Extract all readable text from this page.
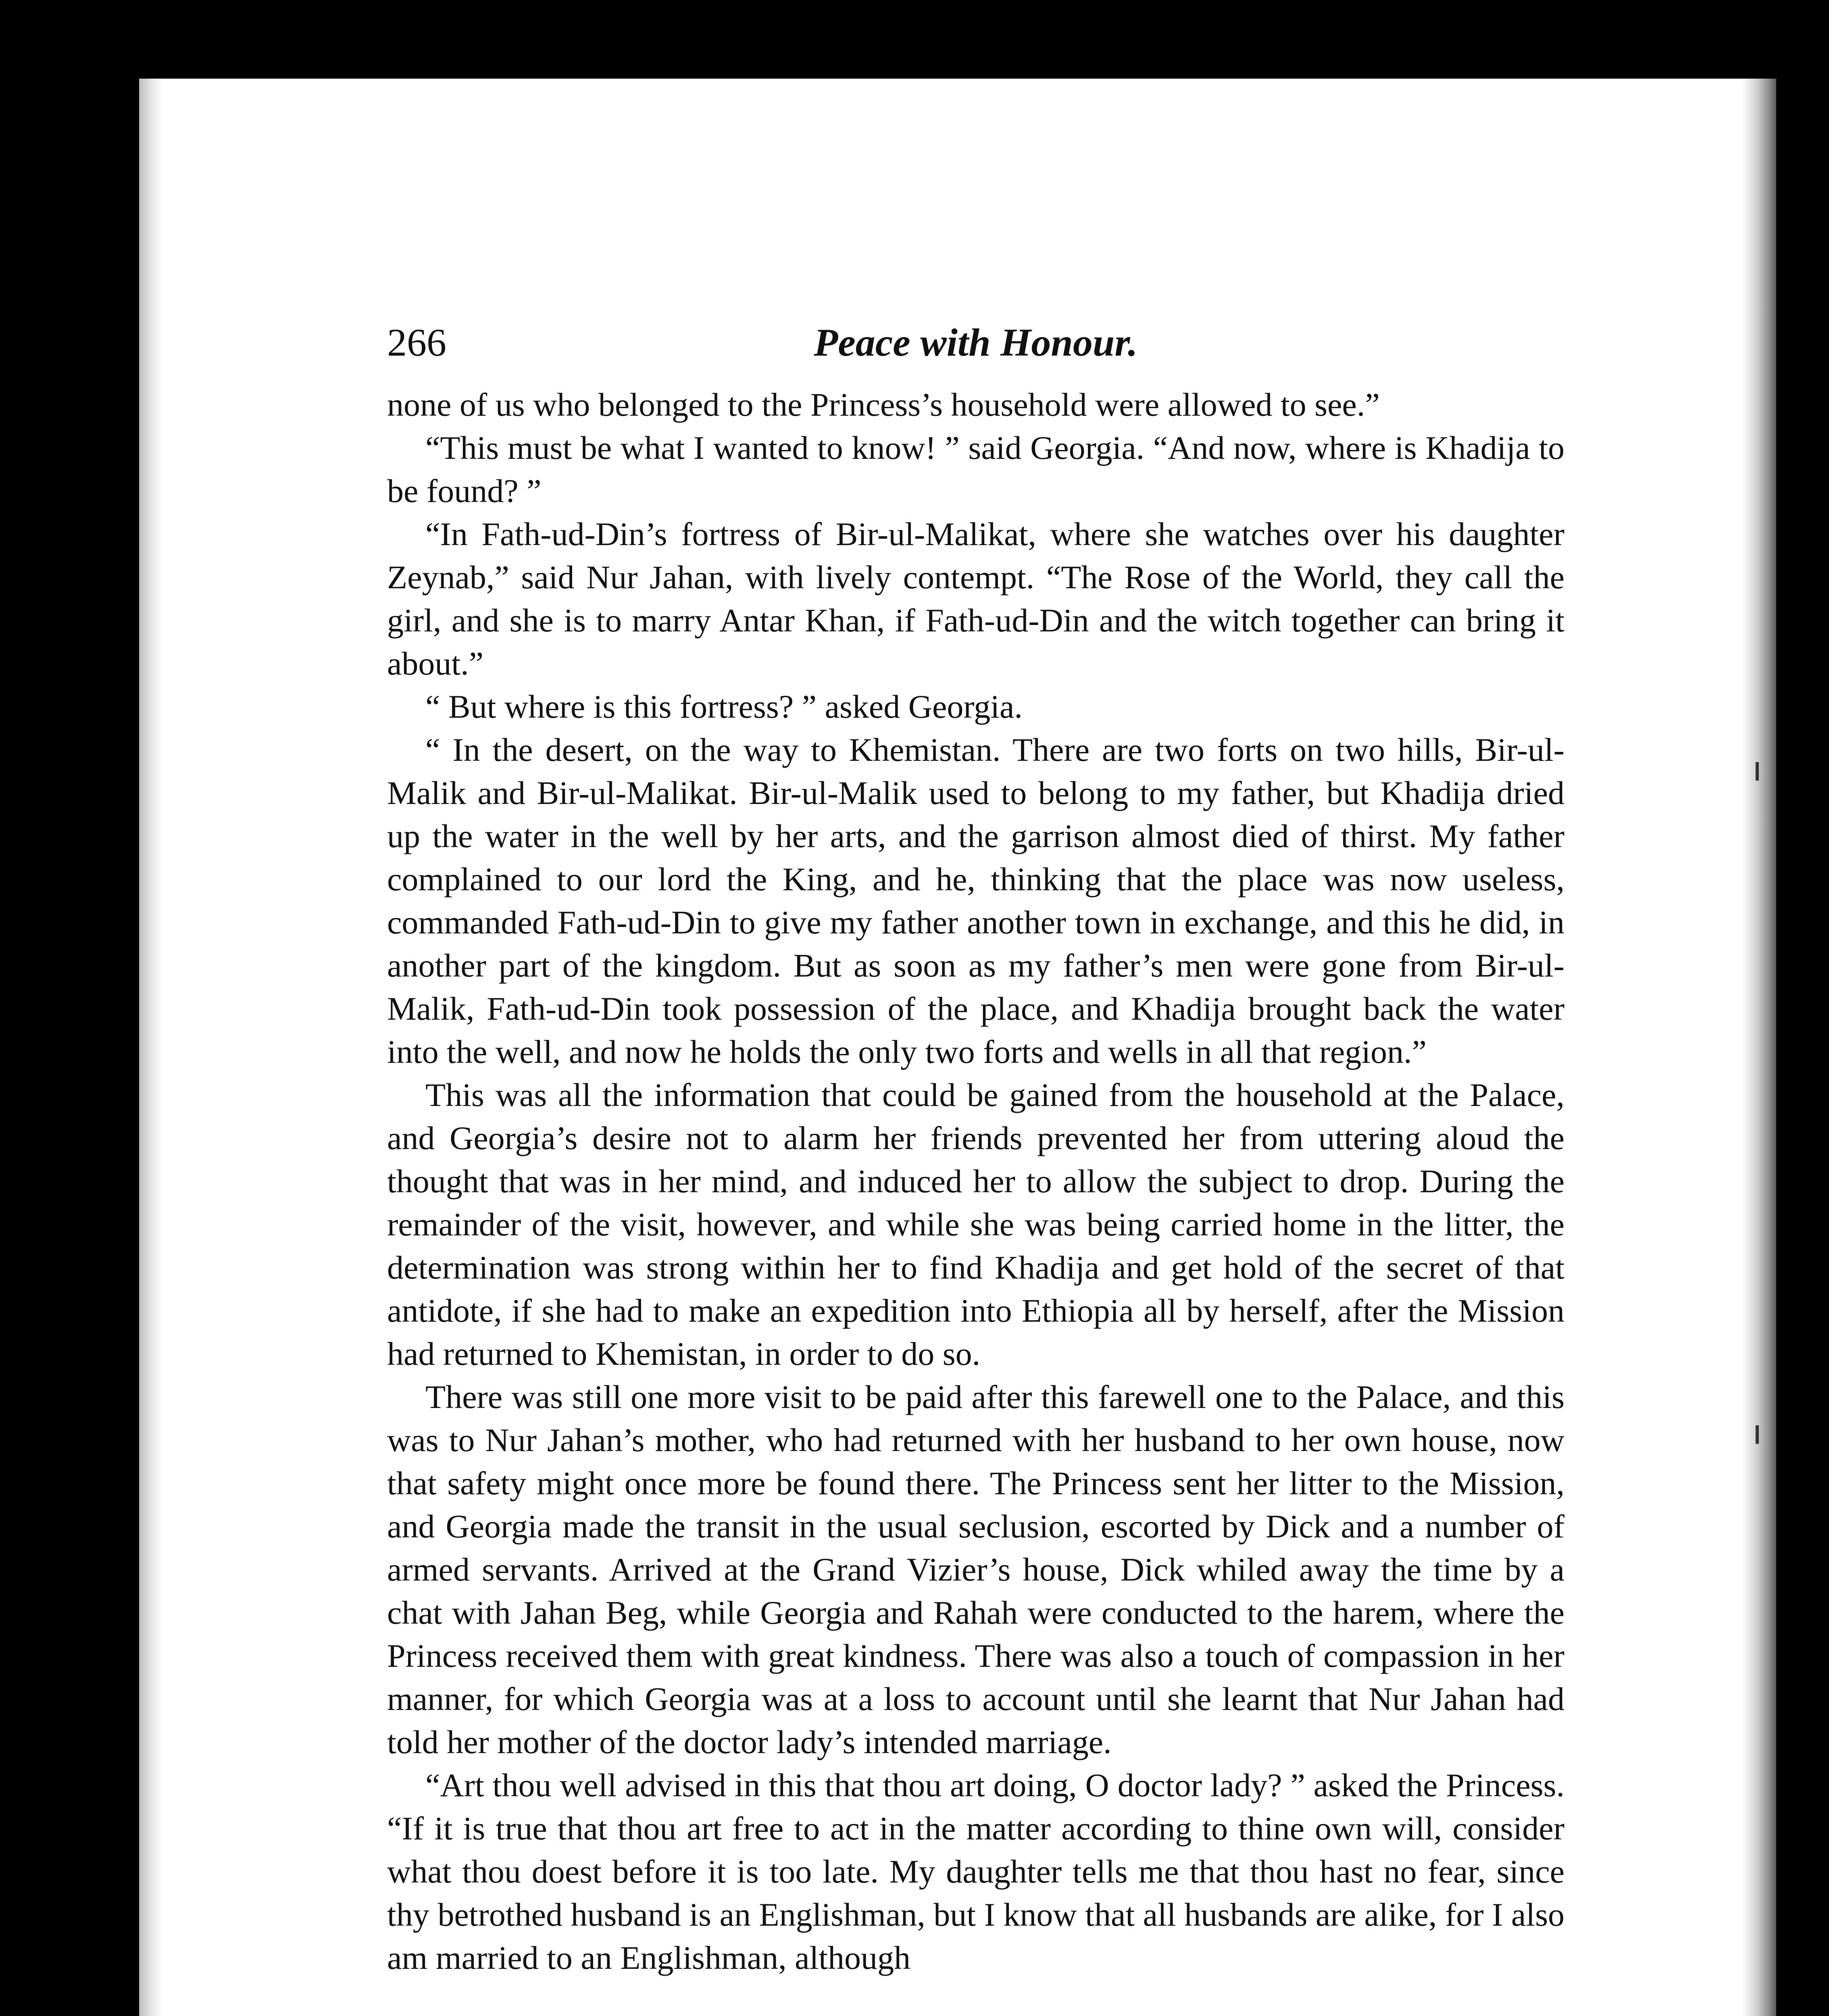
266	Peace with Honour.

none of us who belonged to the Princess’s household were allowed to see.”

“This must be what I wanted to know! ” said Georgia. “And now, where is Khadija to be found? ”

“In Fath-ud-Din’s fortress of Bir-ul-Malikat, where she watches over his daughter Zeynab,” said Nur Jahan, with lively contempt. “The Rose of the World, they call the girl, and she is to marry Antar Khan, if Fath-ud-Din and the witch together can bring it about.”

“ But where is this fortress? ” asked Georgia.

“ In the desert, on the way to Khemistan. There are two forts on two hills, Bir-ul-Malik and Bir-ul-Malikat. Bir-ul-Malik used to belong to my father, but Khadija dried up the water in the well by her arts, and the garrison almost died of thirst. My father complained to our lord the King, and he, thinking that the place was now useless, commanded Fath-ud-Din to give my father another town in exchange, and this he did, in another part of the kingdom. But as soon as my father’s men were gone from Bir-ul-Malik, Fath-ud-Din took possession of the place, and Khadija brought back the water into the well, and now he holds the only two forts and wells in all that region.”

This was all the information that could be gained from the household at the Palace, and Georgia’s desire not to alarm her friends prevented her from uttering aloud the thought that was in her mind, and induced her to allow the subject to drop. During the remainder of the visit, however, and while she was being carried home in the litter, the determination was strong within her to find Khadija and get hold of the secret of that antidote, if she had to make an expedition into Ethiopia all by herself, after the Mission had returned to Khemistan, in order to do so.

There was still one more visit to be paid after this farewell one to the Palace, and this was to Nur Jahan’s mother, who had returned with her husband to her own house, now that safety might once more be found there. The Princess sent her litter to the Mission, and Georgia made the transit in the usual seclusion, escorted by Dick and a number of armed servants. Arrived at the Grand Vizier’s house, Dick whiled away the time by a chat with Jahan Beg, while Georgia and Rahah were conducted to the harem, where the Princess received them with great kindness. There was also a touch of compassion in her manner, for which Georgia was at a loss to account until she learnt that Nur Jahan had told her mother of the doctor lady’s intended marriage.

“Art thou well advised in this that thou art doing, O doctor lady? ” asked the Princess. “If it is true that thou art free to act in the matter according to thine own will, consider what thou doest before it is too late. My daughter tells me that thou hast no fear, since thy betrothed husband is an Englishman, but I know that all husbands are alike, for I also am married to an Englishman, although
